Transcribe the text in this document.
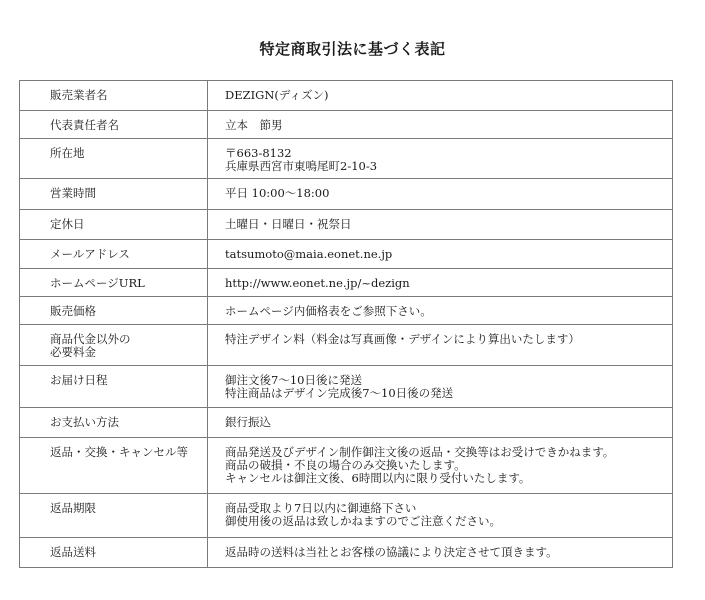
特定商取引法に基づく表記
販売業者名	DEZIGN(ディズン)

代表責任者名	立本　節男

所在地	〒663-8132
兵庫県西宮市東鳴尾町2-10-3

営業時間	平日 10:00～18:00

定休日	土曜日・日曜日・祝祭日

メールアドレス	tatsumoto@maia.eonet.ne.jp

ホームページURL	http://www.eonet.ne.jp/~dezign

販売価格	ホームページ内価格表をご参照下さい。

商品代金以外の
必要料金	特注デザイン料（料金は写真画像・デザインにより算出いたします）

お届け日程	御注文後7～10日後に発送
特注商品はデザイン完成後7～10日後の発送

お支払い方法	銀行振込

返品・交換・キャンセル等	商品発送及びデザイン制作御注文後の返品・交換等はお受けできかねます。
商品の破損・不良の場合のみ交換いたします。
キャンセルは御注文後、6時間以内に限り受付いたします。

返品期限	商品受取より7日以内に御連絡下さい
御使用後の返品は致しかねますのでご注意ください。

返品送料	返品時の送料は当社とお客様の協議により決定させて頂きます。
